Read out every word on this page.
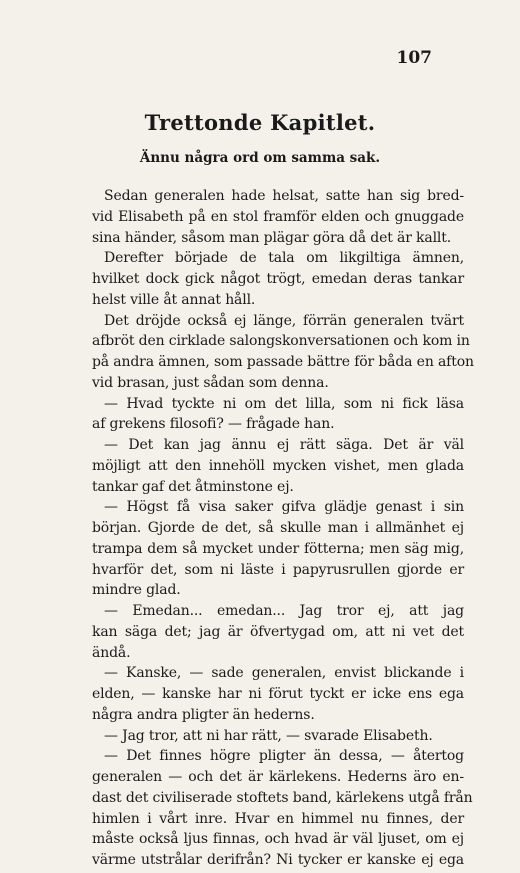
107
Trettonde Kapitlet.
Ännu några ord om samma sak.
Sedan generalen hade helsat, satte han sig bred-
vid Elisabeth på en stol framför elden och gnuggade
sina händer, såsom man plägar göra då det är kallt.
Derefter började de tala om likgiltiga ämnen,
hvilket dock gick något trögt, emedan deras tankar
helst ville åt annat håll.
Det dröjde också ej länge, förrän generalen tvärt
afbröt den cirklade salongskonversationen och kom in
på andra ämnen, som passade bättre för båda en afton
vid brasan, just sådan som denna.
— Hvad tyckte ni om det lilla, som ni fick läsa
af grekens filosofi? — frågade han.
— Det kan jag ännu ej rätt säga. Det är väl
möjligt att den innehöll mycken vishet, men glada
tankar gaf det åtminstone ej.
— Högst få visa saker gifva glädje genast i sin
början. Gjorde de det, så skulle man i allmänhet ej
trampa dem så mycket under fötterna; men säg mig,
hvarför det, som ni läste i papyrusrullen gjorde er
mindre glad.
— Emedan... emedan... Jag tror ej, att jag
kan säga det; jag är öfvertygad om, att ni vet det
ändå.
— Kanske, — sade generalen, envist blickande i
elden, — kanske har ni förut tyckt er icke ens ega
några andra pligter än hederns.
— Jag tror, att ni har rätt, — svarade Elisabeth.
— Det finnes högre pligter än dessa, — återtog
generalen — och det är kärlekens. Hederns äro en-
dast det civiliserade stoftets band, kärlekens utgå från
himlen i vårt inre. Hvar en himmel nu finnes, der
måste också ljus finnas, och hvad är väl ljuset, om ej
värme utstrålar derifrån? Ni tycker er kanske ej ega
